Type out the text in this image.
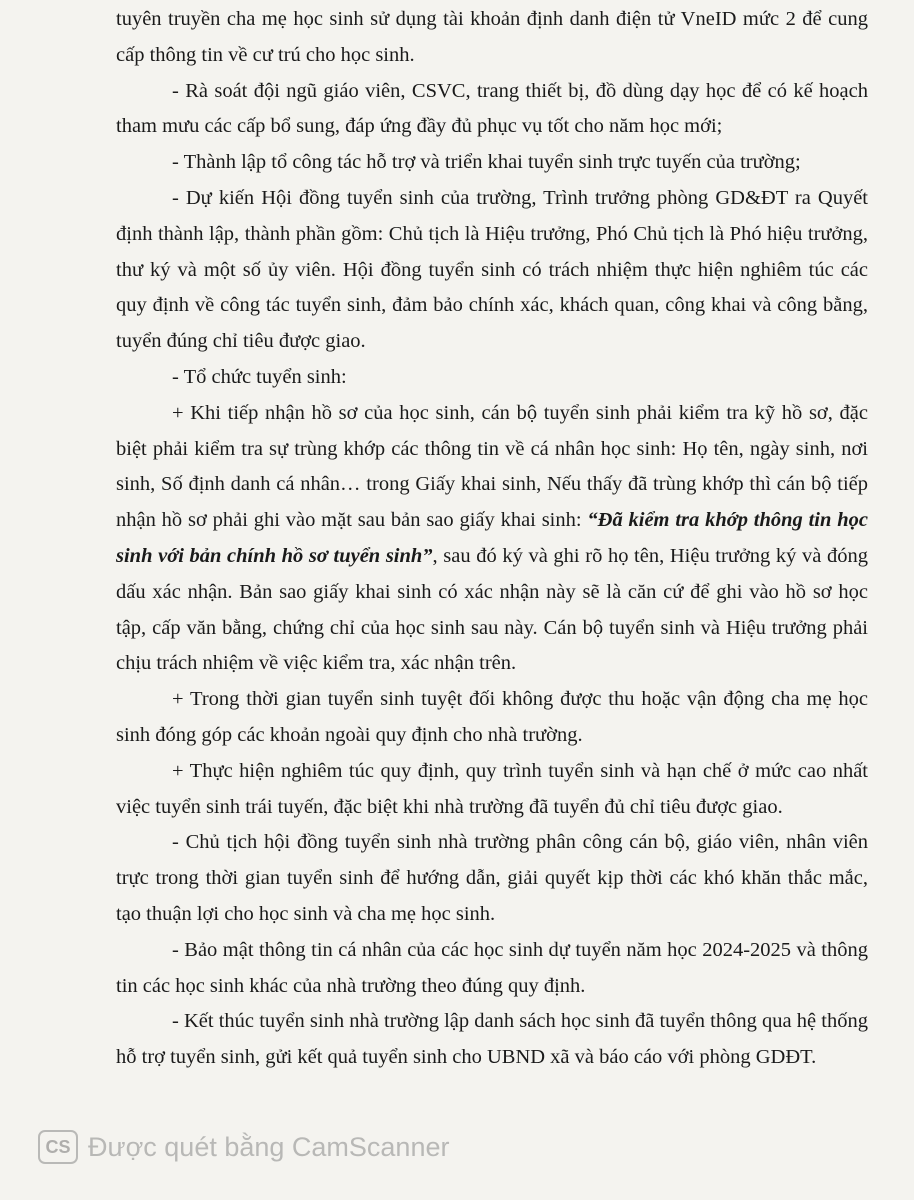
tuyên truyền cha mẹ học sinh sử dụng tài khoản định danh điện tử VneID mức 2 để cung cấp thông tin về cư trú cho học sinh.

- Rà soát đội ngũ giáo viên, CSVC, trang thiết bị, đồ dùng dạy học để có kế hoạch tham mưu các cấp bổ sung, đáp ứng đầy đủ phục vụ tốt cho năm học mới;

- Thành lập tổ công tác hỗ trợ và triển khai tuyển sinh trực tuyến của trường;

- Dự kiến Hội đồng tuyển sinh của trường, Trình trưởng phòng GD&ĐT ra Quyết định thành lập, thành phần gồm: Chủ tịch là Hiệu trưởng, Phó Chủ tịch là Phó hiệu trưởng, thư ký và một số ủy viên. Hội đồng tuyển sinh có trách nhiệm thực hiện nghiêm túc các quy định về công tác tuyển sinh, đảm bảo chính xác, khách quan, công khai và công bằng, tuyển đúng chỉ tiêu được giao.

- Tổ chức tuyển sinh:

+ Khi tiếp nhận hồ sơ của học sinh, cán bộ tuyển sinh phải kiểm tra kỹ hồ sơ, đặc biệt phải kiểm tra sự trùng khớp các thông tin về cá nhân học sinh: Họ tên, ngày sinh, nơi sinh, Số định danh cá nhân… trong Giấy khai sinh, Nếu thấy đã trùng khớp thì cán bộ tiếp nhận hồ sơ phải ghi vào mặt sau bản sao giấy khai sinh: “Đã kiểm tra khớp thông tin học sinh với bản chính hồ sơ tuyển sinh”, sau đó ký và ghi rõ họ tên, Hiệu trưởng ký và đóng dấu xác nhận. Bản sao giấy khai sinh có xác nhận này sẽ là căn cứ để ghi vào hồ sơ học tập, cấp văn bằng, chứng chỉ của học sinh sau này. Cán bộ tuyển sinh và Hiệu trưởng phải chịu trách nhiệm về việc kiểm tra, xác nhận trên.

+ Trong thời gian tuyển sinh tuyệt đối không được thu hoặc vận động cha mẹ học sinh đóng góp các khoản ngoài quy định cho nhà trường.

+ Thực hiện nghiêm túc quy định, quy trình tuyển sinh và hạn chế ở mức cao nhất việc tuyển sinh trái tuyến, đặc biệt khi nhà trường đã tuyển đủ chỉ tiêu được giao.

- Chủ tịch hội đồng tuyển sinh nhà trường phân công cán bộ, giáo viên, nhân viên trực trong thời gian tuyển sinh để hướng dẫn, giải quyết kịp thời các khó khăn thắc mắc, tạo thuận lợi cho học sinh và cha mẹ học sinh.

- Bảo mật thông tin cá nhân của các học sinh dự tuyển năm học 2024-2025 và thông tin các học sinh khác của nhà trường theo đúng quy định.

- Kết thúc tuyển sinh nhà trường lập danh sách học sinh đã tuyển thông qua hệ thống hỗ trợ tuyển sinh, gửi kết quả tuyển sinh cho UBND xã và báo cáo với phòng GDĐT.

CS Được quét bằng CamScanner
